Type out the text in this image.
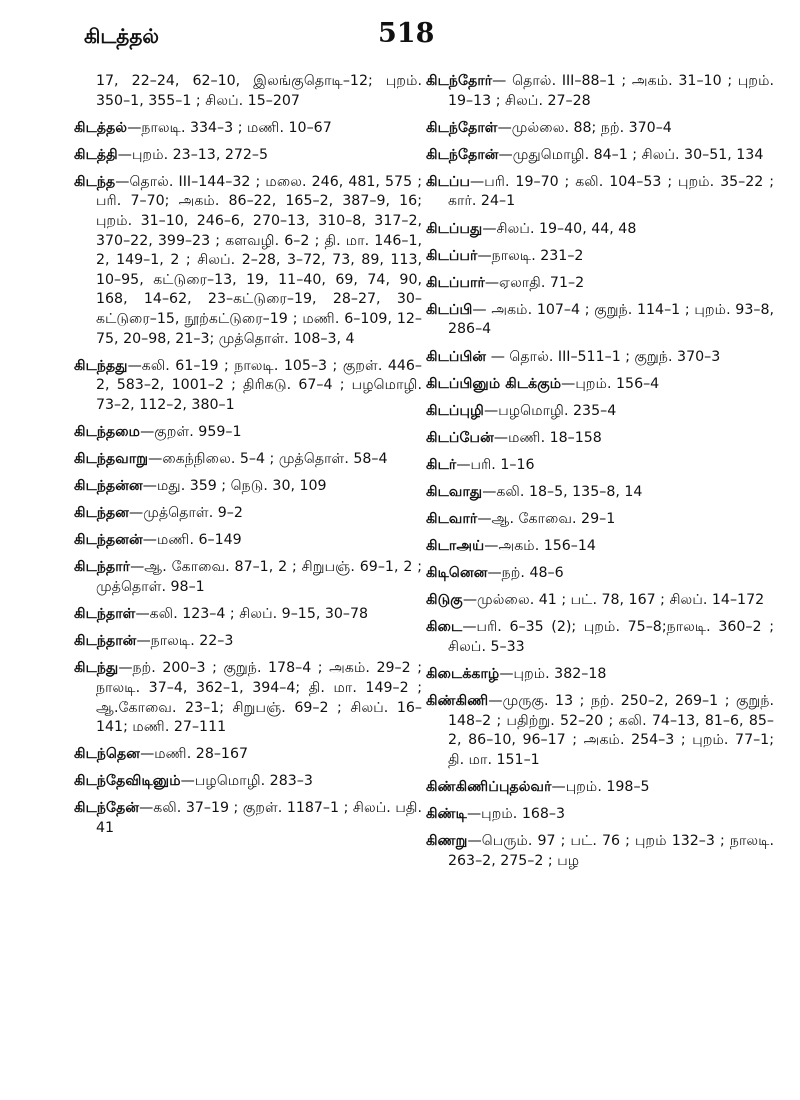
கிடத்தல்	518
17, 22–24, 62–10, இலங்குதொடி–12; புறம். 350–1, 355–1 ; சிலப். 15–207
கிடத்தல்—நாலடி. 334–3 ; மணி. 10–67
கிடத்தி—புறம். 23–13, 272–5
கிடந்த—தொல். III–144–32 ; மலை. 246, 481, 575 ; பரி. 7–70; அகம். 86–22, 165–2, 387–9, 16; புறம். 31–10, 246–6, 270–13, 310–8, 317–2, 370–22, 399–23 ; களவழி. 6–2 ; தி. மா. 146–1, 2, 149–1, 2 ; சிலப். 2–28, 3–72, 73, 89, 113, 10–95, கட்டுரை–13, 19, 11–40, 69, 74, 90, 168, 14–62, 23–கட்டுரை–19, 28–27, 30–கட்டுரை–15, நூற்கட்டுரை–19 ; மணி. 6–109, 12–75, 20–98, 21–3; முத்தொள். 108–3, 4
கிடந்தது—கலி. 61–19 ; நாலடி. 105–3 ; குறள். 446–2, 583–2, 1001–2 ; திரிகடு. 67–4 ; பழமொழி. 73–2, 112–2, 380–1
கிடந்தமை—குறள். 959–1
கிடந்தவாறு—கைந்நிலை. 5–4 ; முத்தொள். 58–4
கிடந்தன்ன—மது. 359 ; நெடு. 30, 109
கிடந்தன—முத்தொள். 9–2
கிடந்தனன்—மணி. 6–149
கிடந்தார்—ஆ. கோவை. 87–1, 2 ; சிறுபஞ். 69–1, 2 ; முத்தொள். 98–1
கிடந்தாள்—கலி. 123–4 ; சிலப். 9–15, 30–78
கிடந்தான்—நாலடி. 22–3
கிடந்து—நற். 200–3 ; குறுந். 178–4 ; அகம். 29–2 ; நாலடி. 37–4, 362–1, 394–4; தி. மா. 149–2 ; ஆ.கோவை. 23–1; சிறுபஞ். 69–2 ; சிலப். 16–141; மணி. 27–111
கிடந்தென—மணி. 28–167
கிடந்தேவிடினும்—பழமொழி. 283–3
கிடந்தேன்—கலி. 37–19 ; குறள். 1187–1 ; சிலப். பதி. 41
கிடந்தோர்— தொல். III–88–1 ; அகம். 31–10 ; புறம். 19–13 ; சிலப். 27–28
கிடந்தோள்—முல்லை. 88; நற். 370–4
கிடந்தோன்—முதுமொழி. 84–1 ; சிலப். 30–51, 134
கிடப்ப—பரி. 19–70 ; கலி. 104–53 ; புறம். 35–22 ; கார். 24–1
கிடப்பது—சிலப். 19–40, 44, 48
கிடப்பர்—நாலடி. 231–2
கிடப்பார்—ஏலாதி. 71–2
கிடப்பி— அகம். 107–4 ; குறுந். 114–1 ; புறம். 93–8, 286–4
கிடப்பின் — தொல். III–511–1 ; குறுந். 370–3
கிடப்பினும் கிடக்கும்—புறம். 156–4
கிடப்புழி—பழமொழி. 235–4
கிடப்பேன்—மணி. 18–158
கிடர்—பரி. 1–16
கிடவாது—கலி. 18–5, 135–8, 14
கிடவார்—ஆ. கோவை. 29–1
கிடாஅய்—அகம். 156–14
கிடினென—நற். 48–6
கிடுகு—முல்லை. 41 ; பட். 78, 167 ; சிலப். 14–172
கிடை—பரி. 6–35 (2); புறம். 75–8;நாலடி. 360–2 ; சிலப். 5–33
கிடைக்காழ்—புறம். 382–18
கிண்கிணி—முருகு. 13 ; நற். 250–2, 269–1 ; குறுந். 148–2 ; பதிற்று. 52–20 ; கலி. 74–13, 81–6, 85–2, 86–10, 96–17 ; அகம். 254–3 ; புறம். 77–1; தி. மா. 151–1
கிண்கிணிப்புதல்வர்—புறம். 198–5
கிண்டி—புறம். 168–3
கிணறு—பெரும். 97 ; பட். 76 ; புறம் 132–3 ; நாலடி. 263–2, 275–2 ; பழ
